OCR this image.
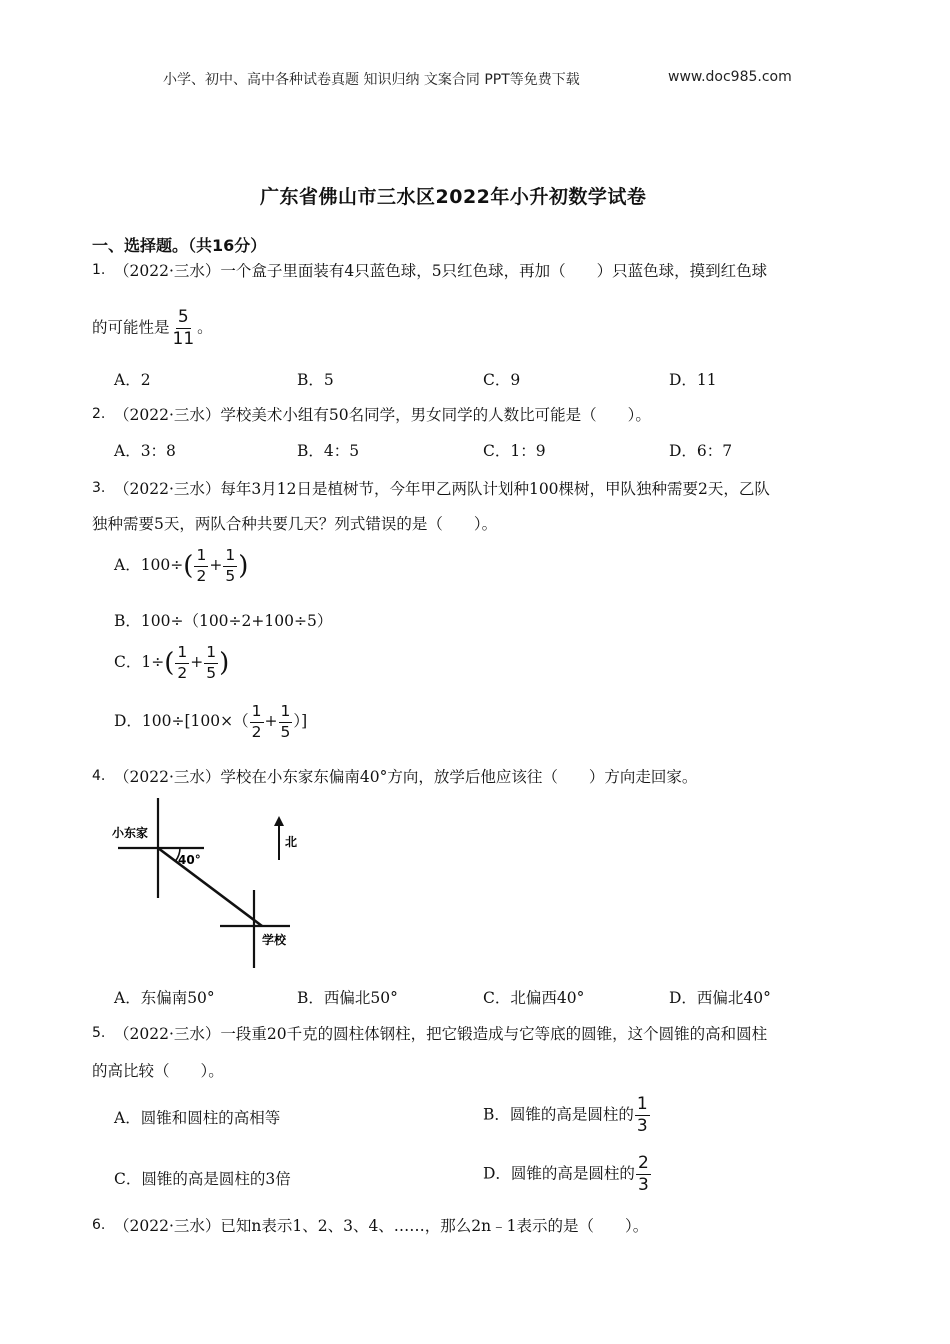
小学、初中、高中各种试卷真题 知识归纳 文案合同 PPT等免费下载	www.doc985.com
广东省佛山市三水区2022年小升初数学试卷
一、选择题。（共16分）
1. （2022·三水）一个盒子里面装有4只蓝色球，5只红色球，再加（　　）只蓝色球，摸到红色球
的可能性是 $\frac{5}{11}$ 。
A．2	B．5	C．9	D．11
2. （2022·三水）学校美术小组有50名同学，男女同学的人数比可能是（　　）。
A．3：8	B．4：5	C．1：9	D．6：7
3. （2022·三水）每年3月12日是植树节，今年甲乙两队计划种100棵树，甲队独种需要2天，乙队
独种需要5天，两队合种共要几天？列式错误的是（　　）。
A．$100\div( \frac{1}{2} + \frac{1}{5}$ )
B．100÷（100÷2+100÷5）
C．$1\div( \frac{1}{2} + \frac{1}{5}$ )
D．$100\div[100\times( \frac{1}{2} + \frac{1}{5}$ ）]
4. （2022·三水）学校在小东家东偏南40°方向，放学后他应该往（　　）方向走回家。
小东家
40°
北
学校
A．东偏南50°	B．西偏北50°	C．北偏西40°	D．西偏北40°
5. （2022·三水）一段重20千克的圆柱体钢柱，把它锻造成与它等底的圆锥，这个圆锥的高和圆柱
的高比较（　　）。
A．圆锥和圆柱的高相等	B．圆锥的高是圆柱的 $\frac{1}{3}$
C．圆锥的高是圆柱的3倍	D．圆锥的高是圆柱的 $\frac{2}{3}$
6. （2022·三水）已知n表示1、2、3、4、……，那么2n﹣1表示的是（　　）。
